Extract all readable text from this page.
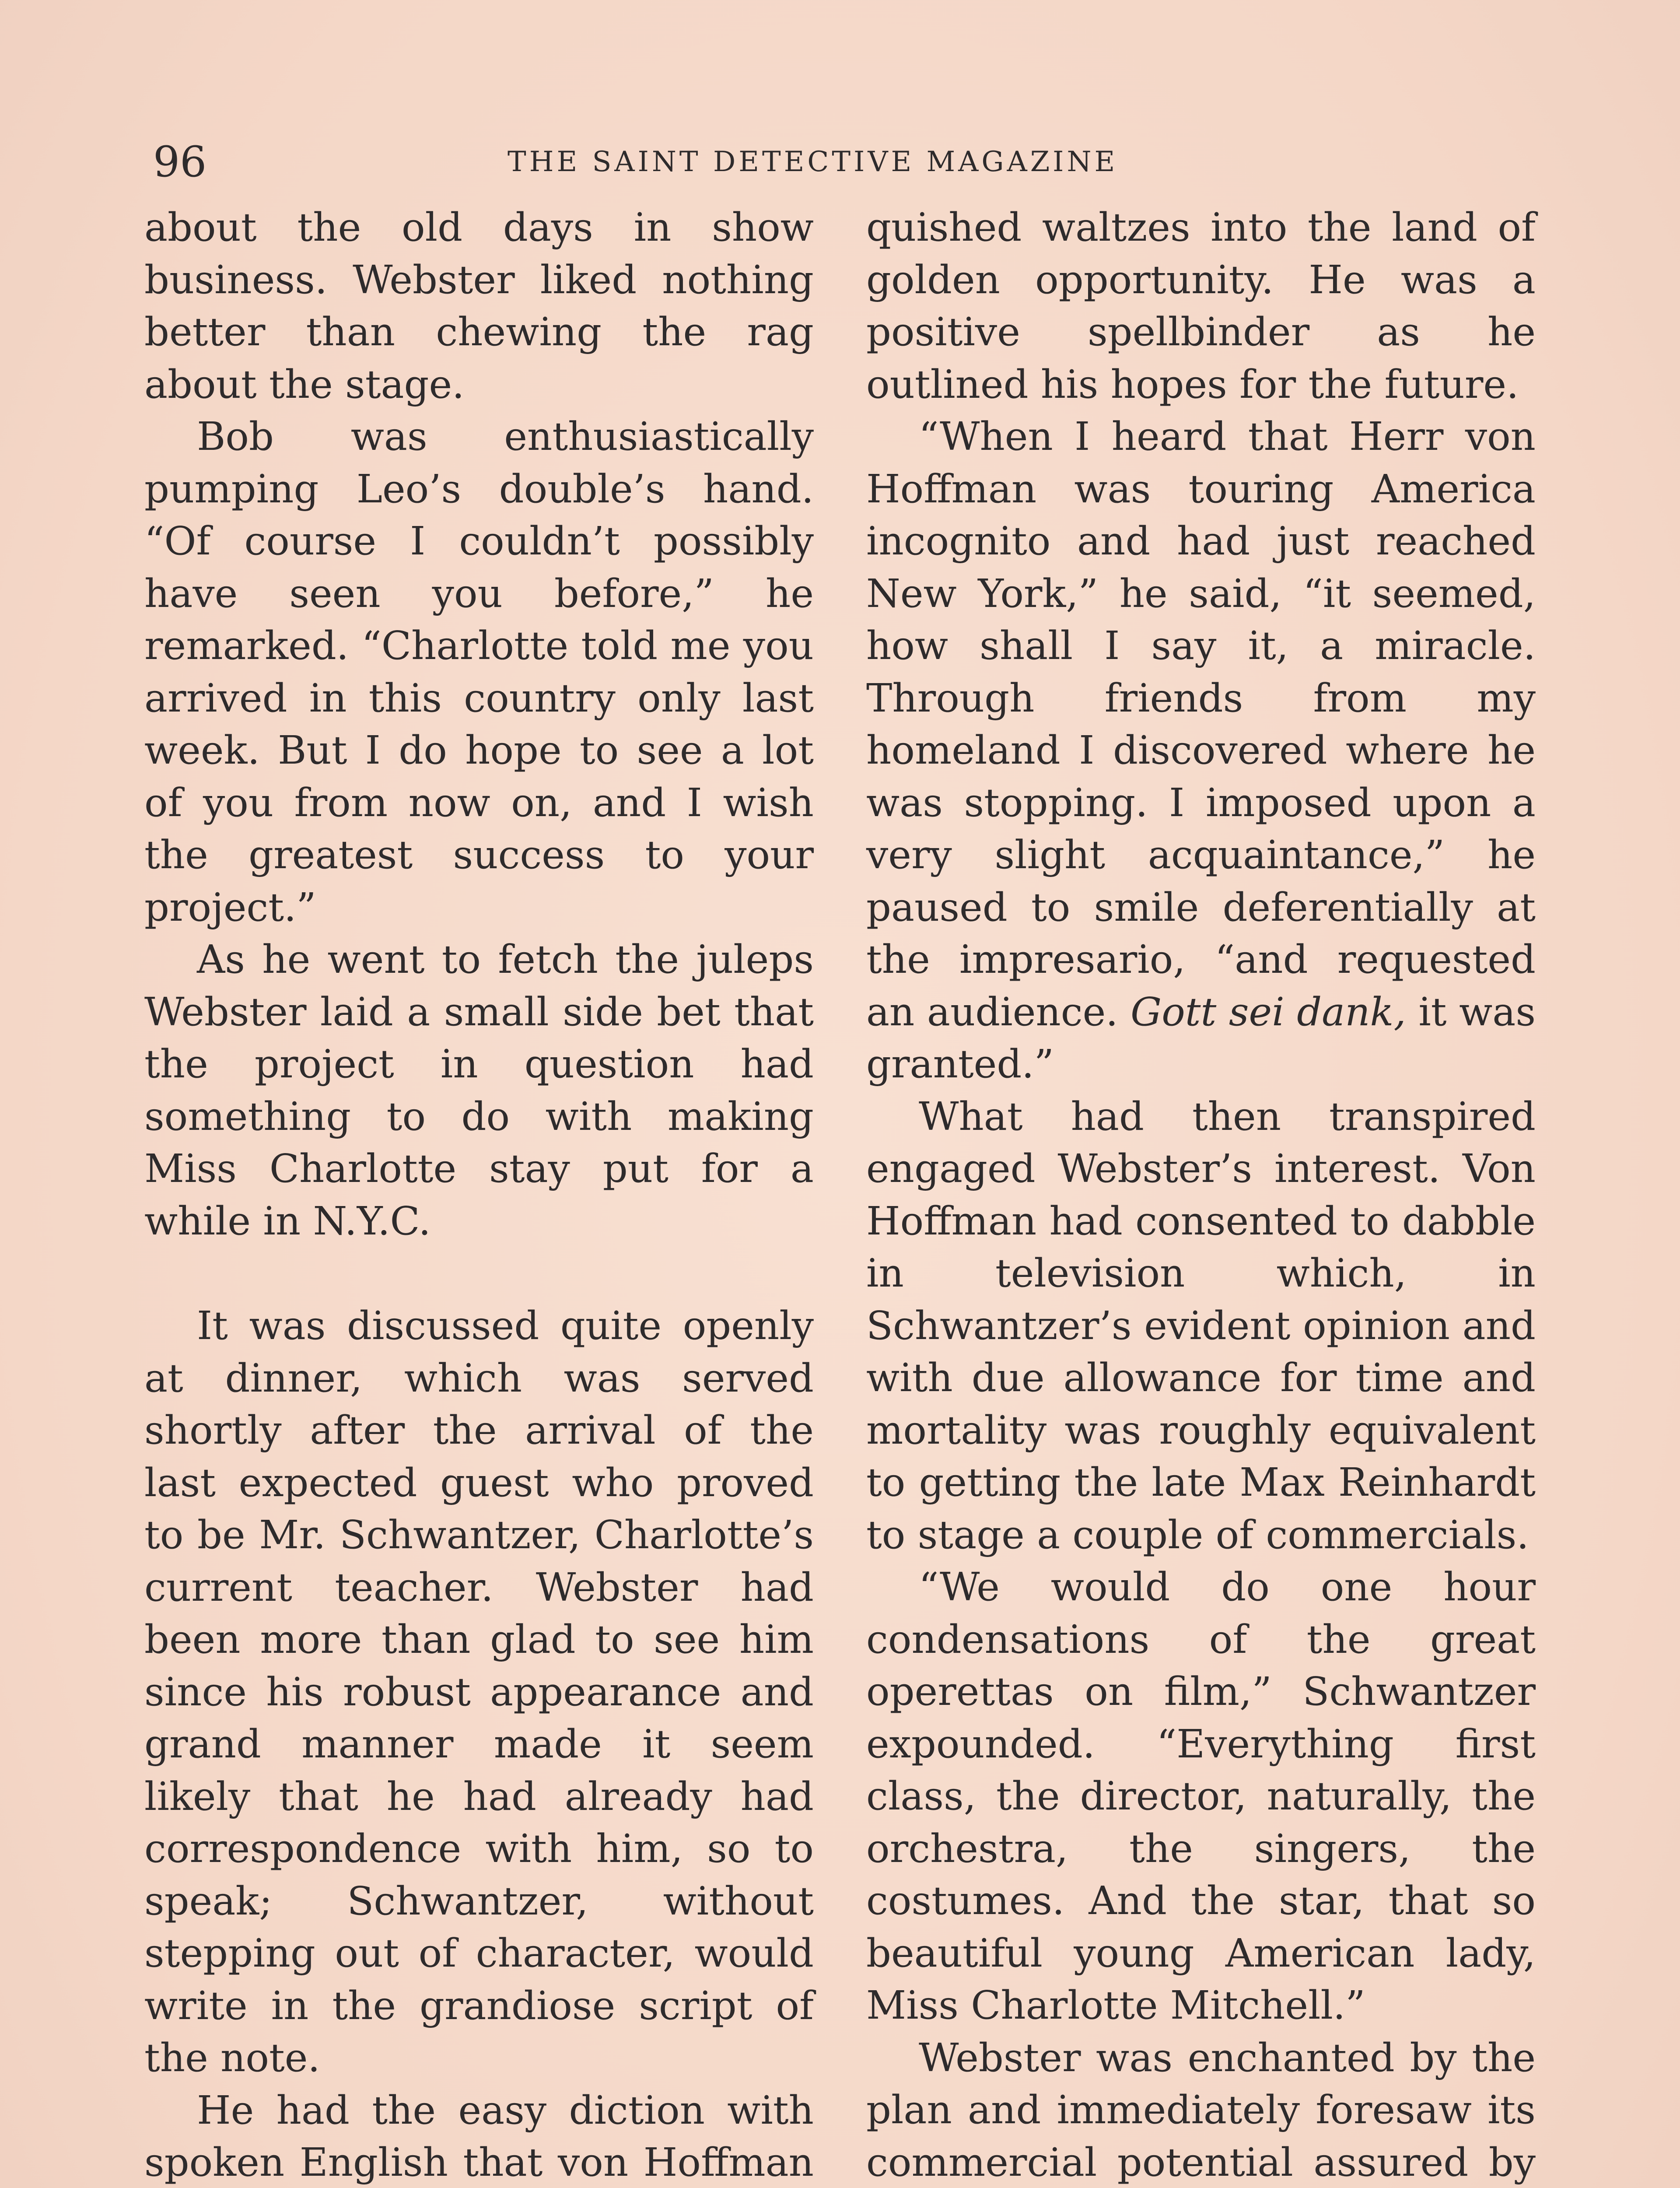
96	THE SAINT DETECTIVE MAGAZINE

about the old days in show business. Webster liked nothing better than chewing the rag about the stage.

Bob was enthusiastically pumping Leo’s double’s hand. “Of course I couldn’t possibly have seen you before,” he remarked. “Charlotte told me you arrived in this country only last week. But I do hope to see a lot of you from now on, and I wish the greatest success to your project.”

As he went to fetch the juleps Webster laid a small side bet that the project in question had something to do with making Miss Charlotte stay put for a while in N.Y.C.

It was discussed quite openly at dinner, which was served shortly after the arrival of the last expected guest who proved to be Mr. Schwantzer, Charlotte’s current teacher. Webster had been more than glad to see him since his robust appearance and grand manner made it seem likely that he had already had correspondence with him, so to speak; Schwantzer, without stepping out of character, would write in the grandiose script of the note.

He had the easy diction with spoken English that von Hoffman

quished waltzes into the land of golden opportunity. He was a positive spellbinder as he outlined his hopes for the future.

“When I heard that Herr von Hoffman was touring America incognito and had just reached New York,” he said, “it seemed, how shall I say it, a miracle. Through friends from my homeland I discovered where he was stopping. I imposed upon a very slight acquaintance,” he paused to smile deferentially at the impresario, “and requested an audience. Gott sei dank, it was granted.”

What had then transpired engaged Webster’s interest. Von Hoffman had consented to dabble in television which, in Schwantzer’s evident opinion and with due allowance for time and mortality was roughly equivalent to getting the late Max Reinhardt to stage a couple of commercials.

“We would do one hour condensations of the great operettas on film,” Schwantzer expounded. “Everything first class, the director, naturally, the orchestra, the singers, the costumes. And the star, that so beautiful young American lady, Miss Charlotte Mitchell.”

Webster was enchanted by the plan and immediately foresaw its commercial potential assured by
